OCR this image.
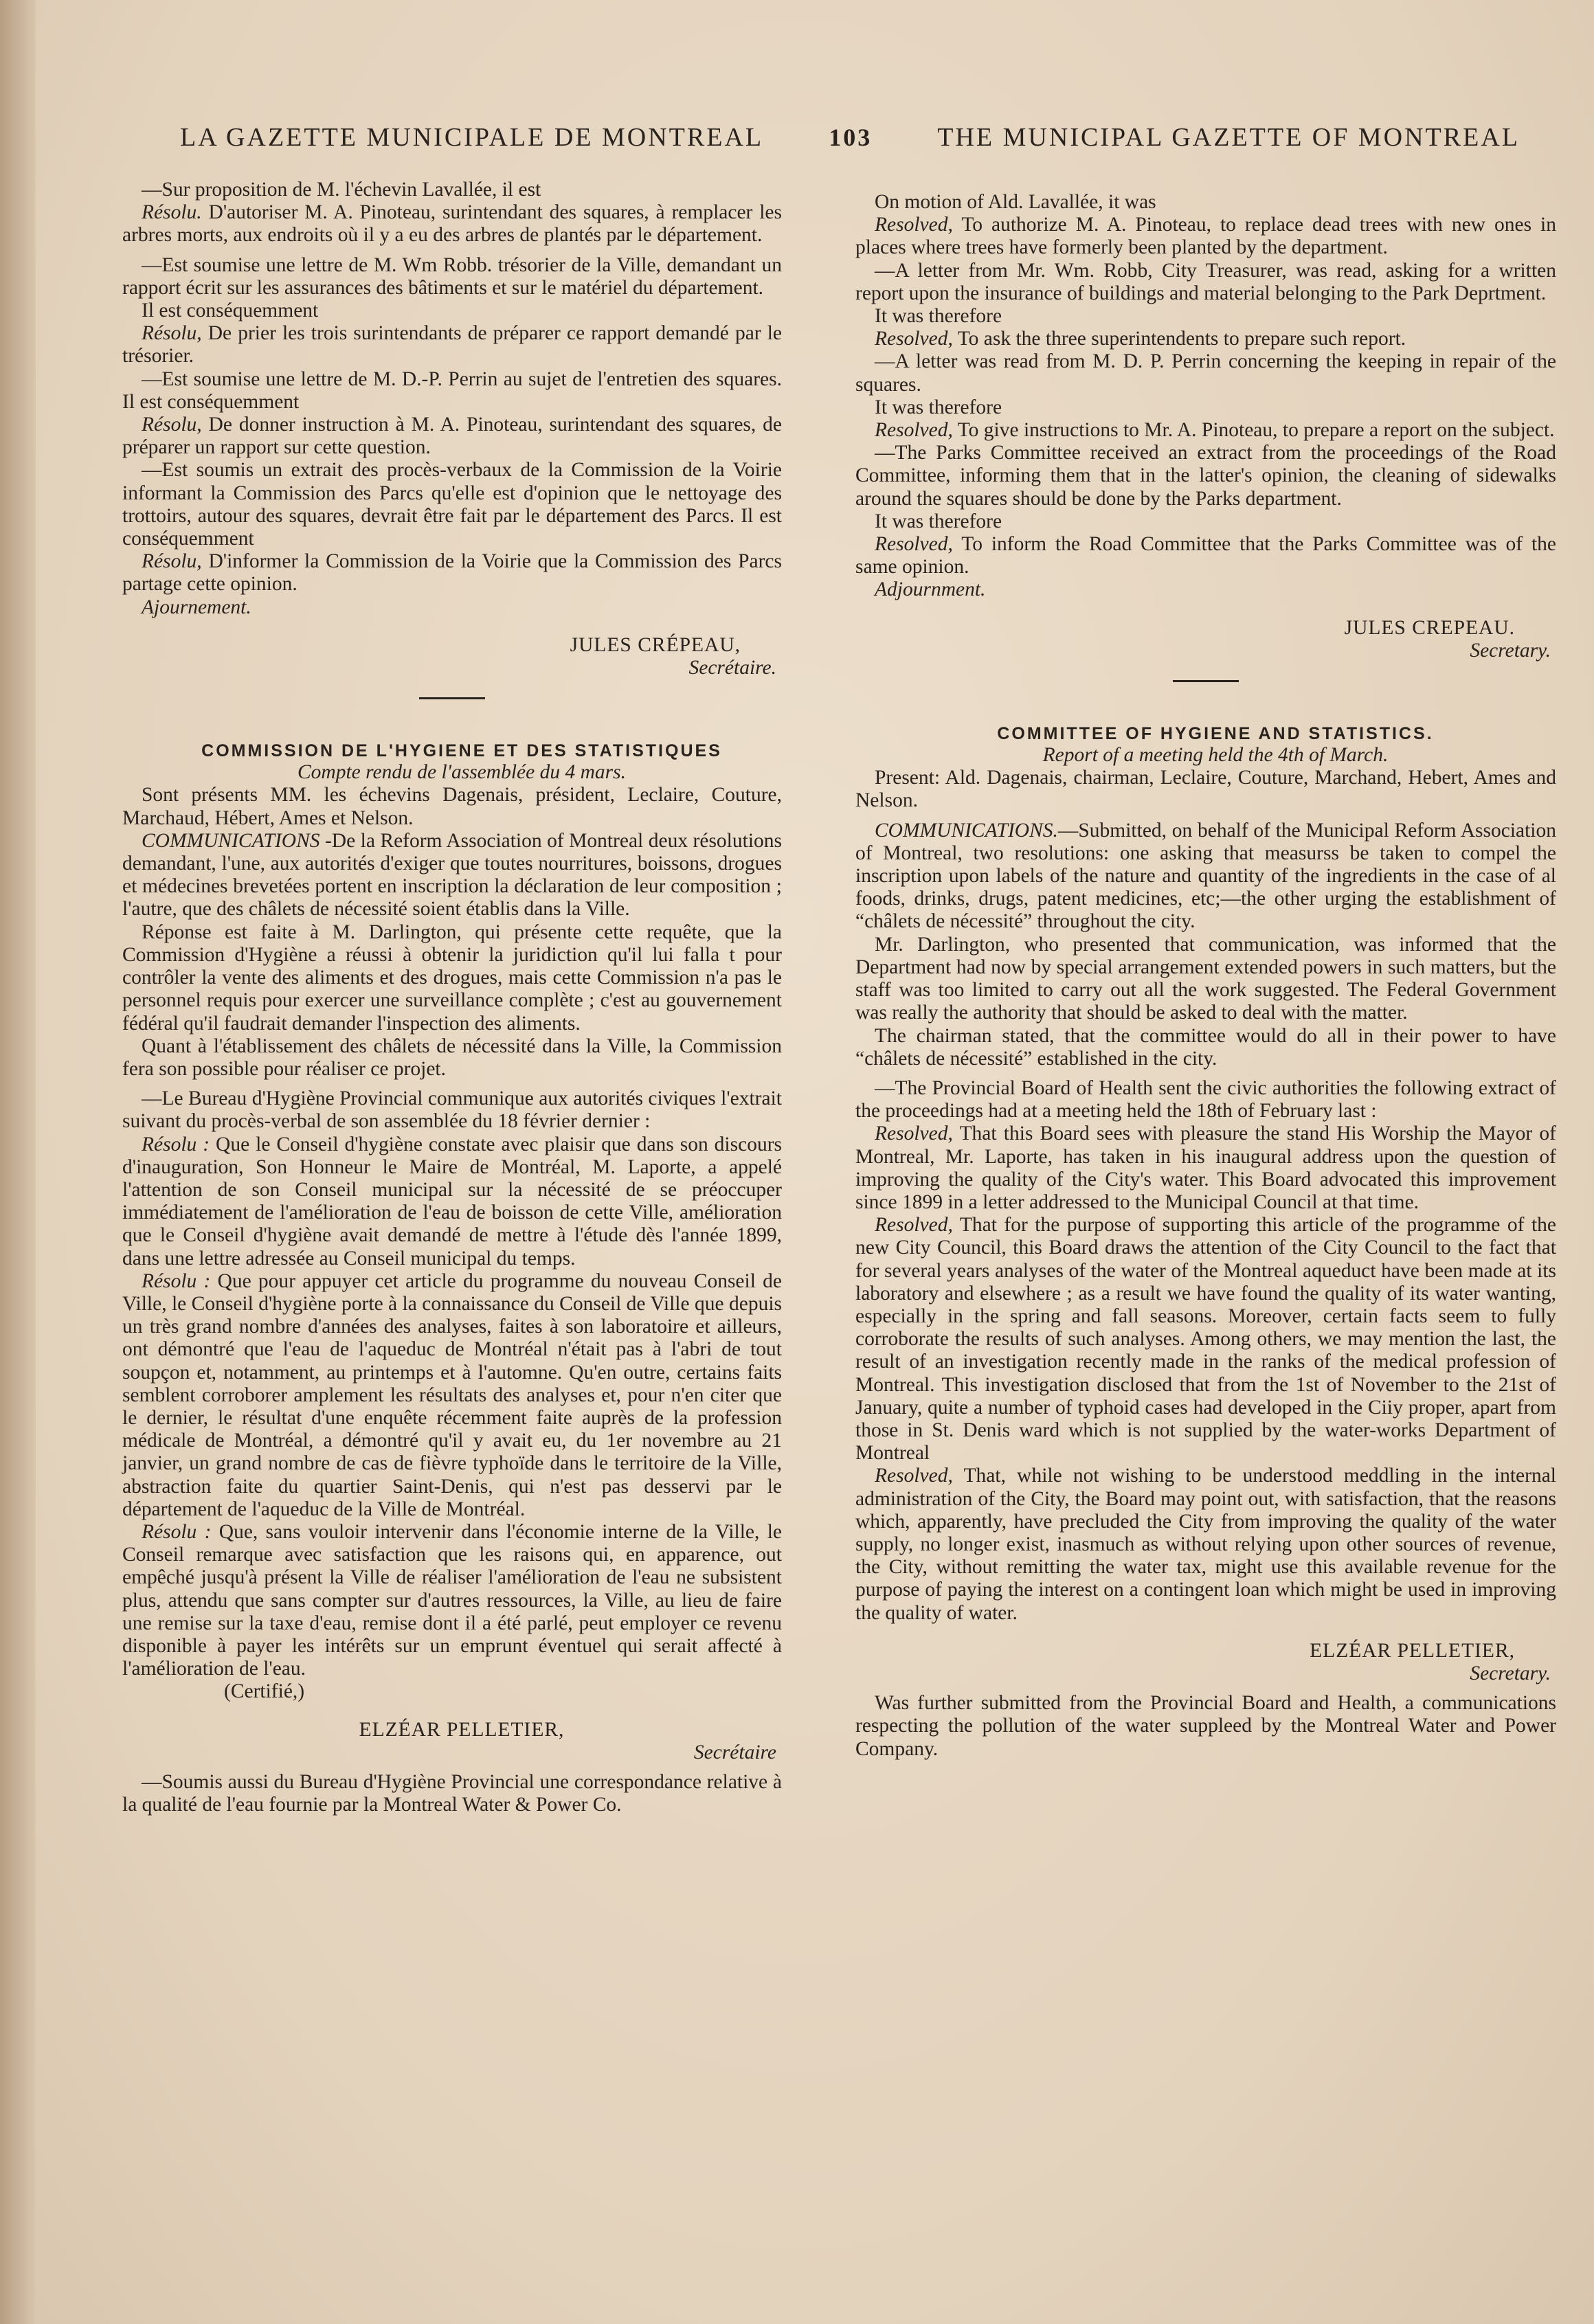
LA GAZETTE MUNICIPALE DE MONTREAL	103	THE MUNICIPAL GAZETTE OF MONTREAL

—Sur proposition de M. l'échevin Lavallée, il est

Résolu. D'autoriser M. A. Pinoteau, surintendant des squares, à remplacer les arbres morts, aux endroits où il y a eu des arbres de plantés par le département.

—Est soumise une lettre de M. Wm Robb. trésorier de la Ville, demandant un rapport écrit sur les assurances des bâtiments et sur le matériel du département.

Il est conséquemment

Résolu, De prier les trois surintendants de préparer ce rapport demandé par le trésorier.

—Est soumise une lettre de M. D.-P. Perrin au sujet de l'entretien des squares. Il est conséquemment

Résolu, De donner instruction à M. A. Pinoteau, surintendant des squares, de préparer un rapport sur cette question.

—Est soumis un extrait des procès-verbaux de la Commission de la Voirie informant la Commission des Parcs qu'elle est d'opinion que le nettoyage des trottoirs, autour des squares, devrait être fait par le département des Parcs. Il est conséquemment

Résolu, D'informer la Commission de la Voirie que la Commission des Parcs partage cette opinion.

Ajournement.

JULES CRÉPEAU,

Secrétaire.

COMMISSION DE L'HYGIENE ET DES STATISTIQUES

Compte rendu de l'assemblée du 4 mars.

Sont présents MM. les échevins Dagenais, président, Leclaire, Couture, Marchaud, Hébert, Ames et Nelson.

COMMUNICATIONS -De la Reform Association of Montreal deux résolutions demandant, l'une, aux autorités d'exiger que toutes nourritures, boissons, drogues et médecines brevetées portent en inscription la déclaration de leur composition ; l'autre, que des châlets de nécessité soient établis dans la Ville.

Réponse est faite à M. Darlington, qui présente cette requête, que la Commission d'Hygiène a réussi à obtenir la juridiction qu'il lui falla t pour contrôler la vente des aliments et des drogues, mais cette Commission n'a pas le personnel requis pour exercer une surveillance complète ; c'est au gouvernement fédéral qu'il faudrait demander l'inspection des aliments.

Quant à l'établissement des châlets de nécessité dans la Ville, la Commission fera son possible pour réaliser ce projet.

—Le Bureau d'Hygiène Provincial communique aux autorités civiques l'extrait suivant du procès-verbal de son assemblée du 18 février dernier :

Résolu : Que le Conseil d'hygiène constate avec plaisir que dans son discours d'inauguration, Son Honneur le Maire de Montréal, M. Laporte, a appelé l'attention de son Conseil municipal sur la nécessité de se préoccuper immédiatement de l'amélioration de l'eau de boisson de cette Ville, amélioration que le Conseil d'hygiène avait demandé de mettre à l'étude dès l'année 1899, dans une lettre adressée au Conseil municipal du temps.

Résolu : Que pour appuyer cet article du programme du nouveau Conseil de Ville, le Conseil d'hygiène porte à la connaissance du Conseil de Ville que depuis un très grand nombre d'années des analyses, faites à son laboratoire et ailleurs, ont démontré que l'eau de l'aqueduc de Montréal n'était pas à l'abri de tout soupçon et, notamment, au printemps et à l'automne. Qu'en outre, certains faits semblent corroborer amplement les résultats des analyses et, pour n'en citer que le dernier, le résultat d'une enquête récemment faite auprès de la profession médicale de Montréal, a démontré qu'il y avait eu, du 1er novembre au 21 janvier, un grand nombre de cas de fièvre typhoïde dans le territoire de la Ville, abstraction faite du quartier Saint-Denis, qui n'est pas desservi par le département de l'aqueduc de la Ville de Montréal.

Résolu : Que, sans vouloir intervenir dans l'économie interne de la Ville, le Conseil remarque avec satisfaction que les raisons qui, en apparence, out empêché jusqu'à présent la Ville de réaliser l'amélioration de l'eau ne subsistent plus, attendu que sans compter sur d'autres ressources, la Ville, au lieu de faire une remise sur la taxe d'eau, remise dont il a été parlé, peut employer ce revenu disponible à payer les intérêts sur un emprunt éventuel qui serait affecté à l'amélioration de l'eau.

(Certifié,)

ELZÉAR PELLETIER,

Secrétaire

—Soumis aussi du Bureau d'Hygiène Provincial une correspondance relative à la qualité de l'eau fournie par la Montreal Water & Power Co.

On motion of Ald. Lavallée, it was

Resolved, To authorize M. A. Pinoteau, to replace dead trees with new ones in places where trees have formerly been planted by the department.

—A letter from Mr. Wm. Robb, City Treasurer, was read, asking for a written report upon the insurance of buildings and material belonging to the Park Deprtment.

It was therefore

Resolved, To ask the three superintendents to prepare such report.

—A letter was read from M. D. P. Perrin concerning the keeping in repair of the squares.

It was therefore

Resolved, To give instructions to Mr. A. Pinoteau, to prepare a report on the subject.

—The Parks Committee received an extract from the proceedings of the Road Committee, informing them that in the latter's opinion, the cleaning of sidewalks around the squares should be done by the Parks department.

It was therefore

Resolved, To inform the Road Committee that the Parks Committee was of the same opinion.

Adjournment.

JULES CREPEAU.

Secretary.

COMMITTEE OF HYGIENE AND STATISTICS.

Report of a meeting held the 4th of March.

Present: Ald. Dagenais, chairman, Leclaire, Couture, Marchand, Hebert, Ames and Nelson.

COMMUNICATIONS.—Submitted, on behalf of the Municipal Reform Association of Montreal, two resolutions: one asking that measurss be taken to compel the inscription upon labels of the nature and quantity of the ingredients in the case of al foods, drinks, drugs, patent medicines, etc;—the other urging the establishment of “châlets de nécessité” throughout the city.

Mr. Darlington, who presented that communication, was informed that the Department had now by special arrangement extended powers in such matters, but the staff was too limited to carry out all the work suggested. The Federal Government was really the authority that should be asked to deal with the matter.

The chairman stated, that the committee would do all in their power to have “châlets de nécessité” established in the city.

—The Provincial Board of Health sent the civic authorities the following extract of the proceedings had at a meeting held the 18th of February last :

Resolved, That this Board sees with pleasure the stand His Worship the Mayor of Montreal, Mr. Laporte, has taken in his inaugural address upon the question of improving the quality of the City's water. This Board advocated this improvement since 1899 in a letter addressed to the Municipal Council at that time.

Resolved, That for the purpose of supporting this article of the programme of the new City Council, this Board draws the attention of the City Council to the fact that for several years analyses of the water of the Montreal aqueduct have been made at its laboratory and elsewhere ; as a result we have found the quality of its water wanting, especially in the spring and fall seasons. Moreover, certain facts seem to fully corroborate the results of such analyses. Among others, we may mention the last, the result of an investigation recently made in the ranks of the medical profession of Montreal. This investigation disclosed that from the 1st of November to the 21st of January, quite a number of typhoid cases had developed in the Ciiy proper, apart from those in St. Denis ward which is not supplied by the water-works Department of Montreal

Resolved, That, while not wishing to be understood meddling in the internal administration of the City, the Board may point out, with satisfaction, that the reasons which, apparently, have precluded the City from improving the quality of the water supply, no longer exist, inasmuch as without relying upon other sources of revenue, the City, without remitting the water tax, might use this available revenue for the purpose of paying the interest on a contingent loan which might be used in improving the quality of water.

ELZÉAR PELLETIER,

Secretary.

Was further submitted from the Provincial Board and Health, a communications respecting the pollution of the water suppleed by the Montreal Water and Power Company.
